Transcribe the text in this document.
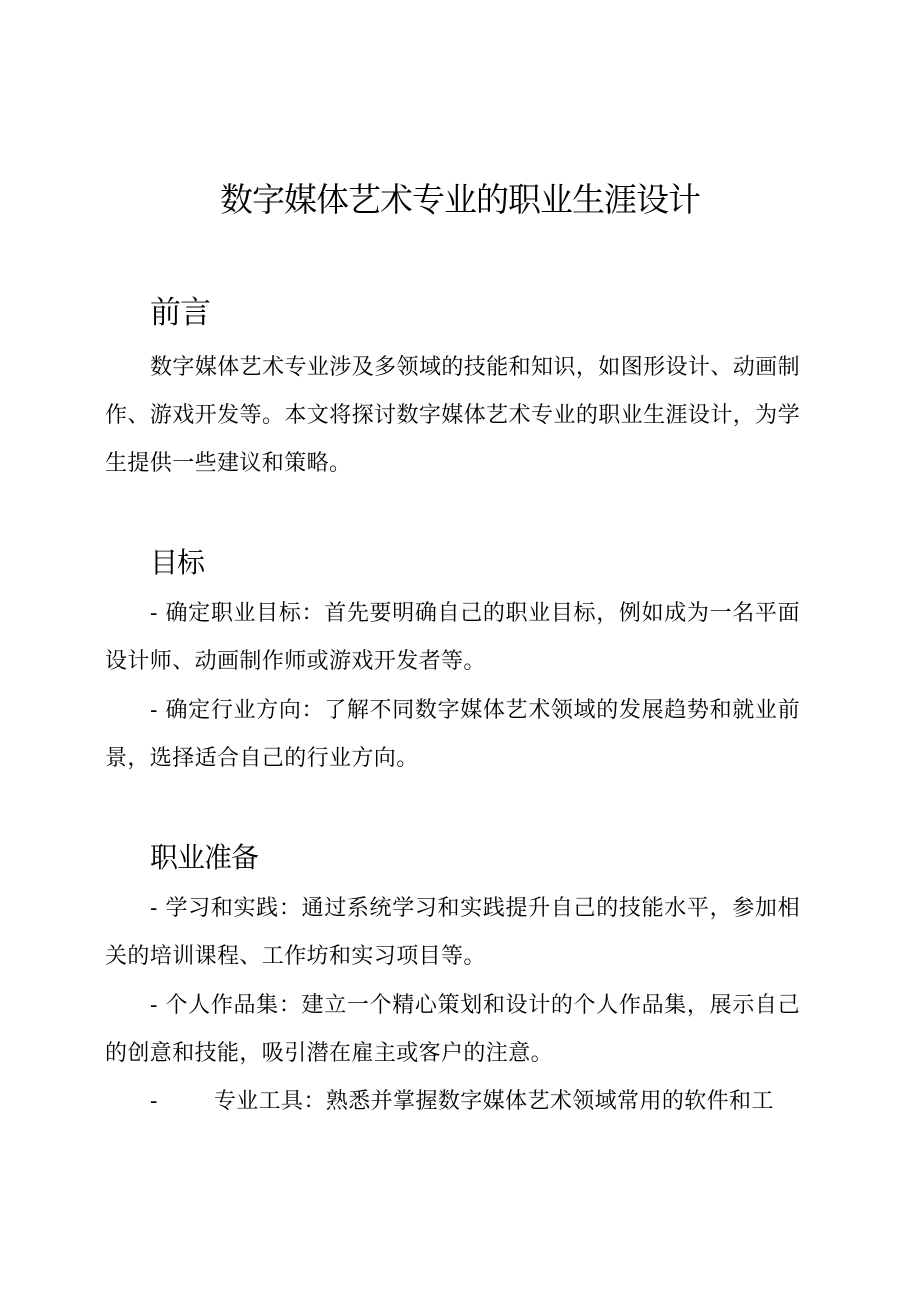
数字媒体艺术专业的职业生涯设计
前言

数字媒体艺术专业涉及多领域的技能和知识，如图形设计、动画制作、游戏开发等。本文将探讨数字媒体艺术专业的职业生涯设计，为学生提供一些建议和策略。

目标

- 确定职业目标：首先要明确自己的职业目标，例如成为一名平面设计师、动画制作师或游戏开发者等。

- 确定行业方向：了解不同数字媒体艺术领域的发展趋势和就业前景，选择适合自己的行业方向。

职业准备

- 学习和实践：通过系统学习和实践提升自己的技能水平，参加相关的培训课程、工作坊和实习项目等。

- 个人作品集：建立一个精心策划和设计的个人作品集，展示自己的创意和技能，吸引潜在雇主或客户的注意。

-	专业工具：熟悉并掌握数字媒体艺术领域常用的软件和工
